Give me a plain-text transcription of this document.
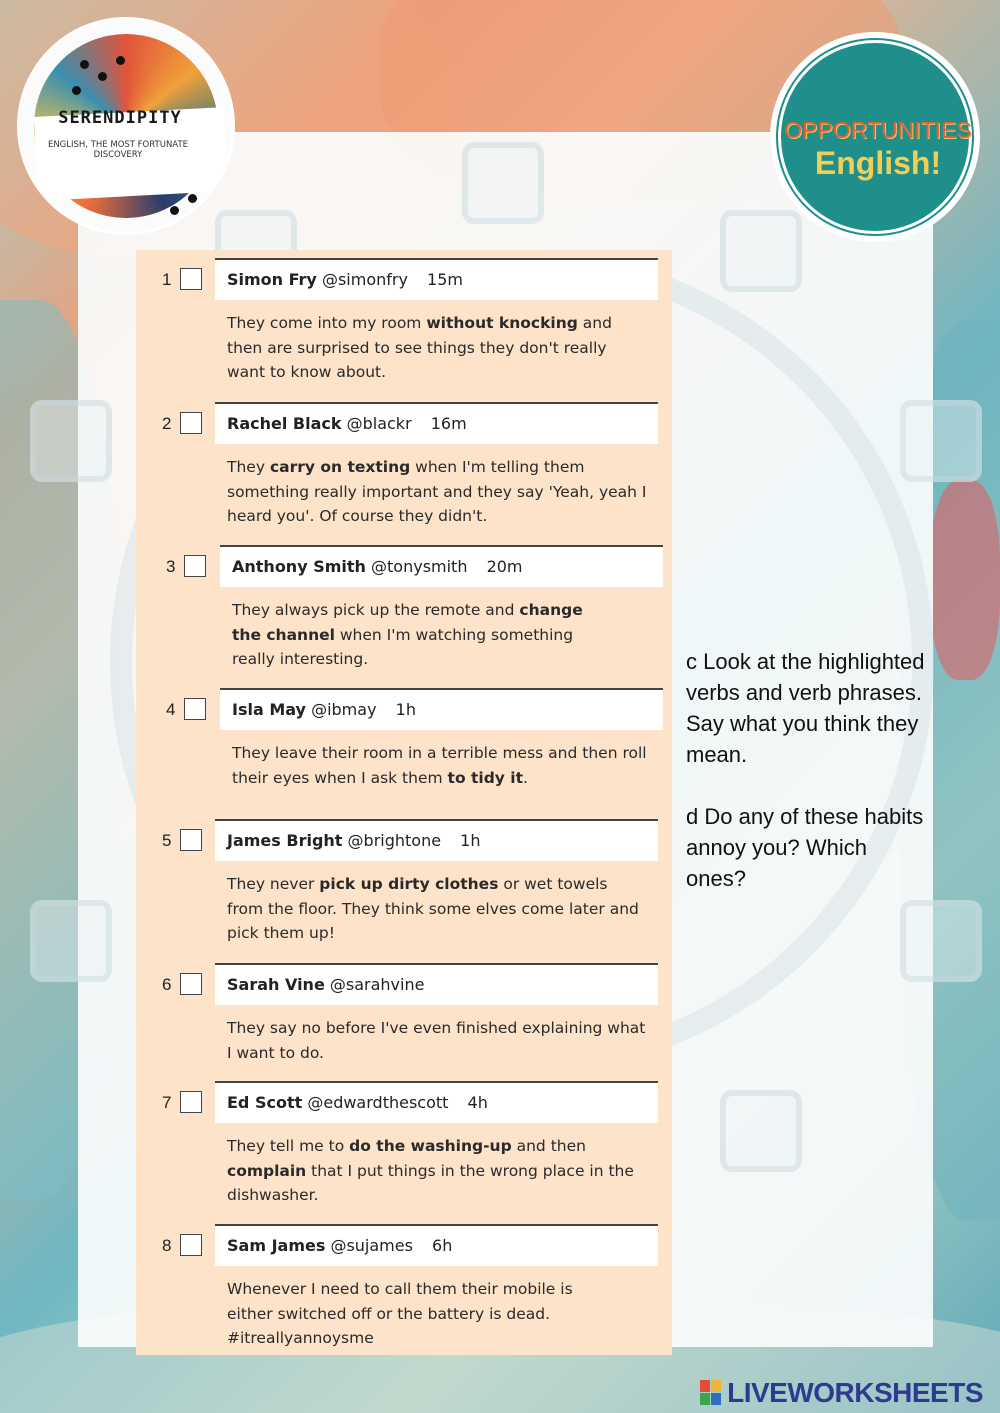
SERENDIPITY
ENGLISH, THE MOST FORTUNATE DISCOVERY
OPPORTUNITIES
English!
1	Simon Fry @simonfry 15m
They come into my room without knocking and then are surprised to see things they don't really want to know about.
2	Rachel Black @blackr 16m
They carry on texting when I'm telling them something really important and they say 'Yeah, yeah I heard you'. Of course they didn't.
3	Anthony Smith @tonysmith 20m
They always pick up the remote and change the channel when I'm watching something really interesting.
4	Isla May @ibmay 1h
They leave their room in a terrible mess and then roll their eyes when I ask them to tidy it.
5	James Bright @brightone 1h
They never pick up dirty clothes or wet towels from the floor. They think some elves come later and pick them up!
6	Sarah Vine @sarahvine
They say no before I've even finished explaining what I want to do.
7	Ed Scott @edwardthescott 4h
They tell me to do the washing-up and then complain that I put things in the wrong place in the dishwasher.
8	Sam James @sujames 6h
Whenever I need to call them their mobile is either switched off or the battery is dead. #itreallyannoysme

c Look at the highlighted verbs and verb phrases. Say what you think they mean.

d Do any of these habits annoy you? Which ones?

LIVEWORKSHEETS
